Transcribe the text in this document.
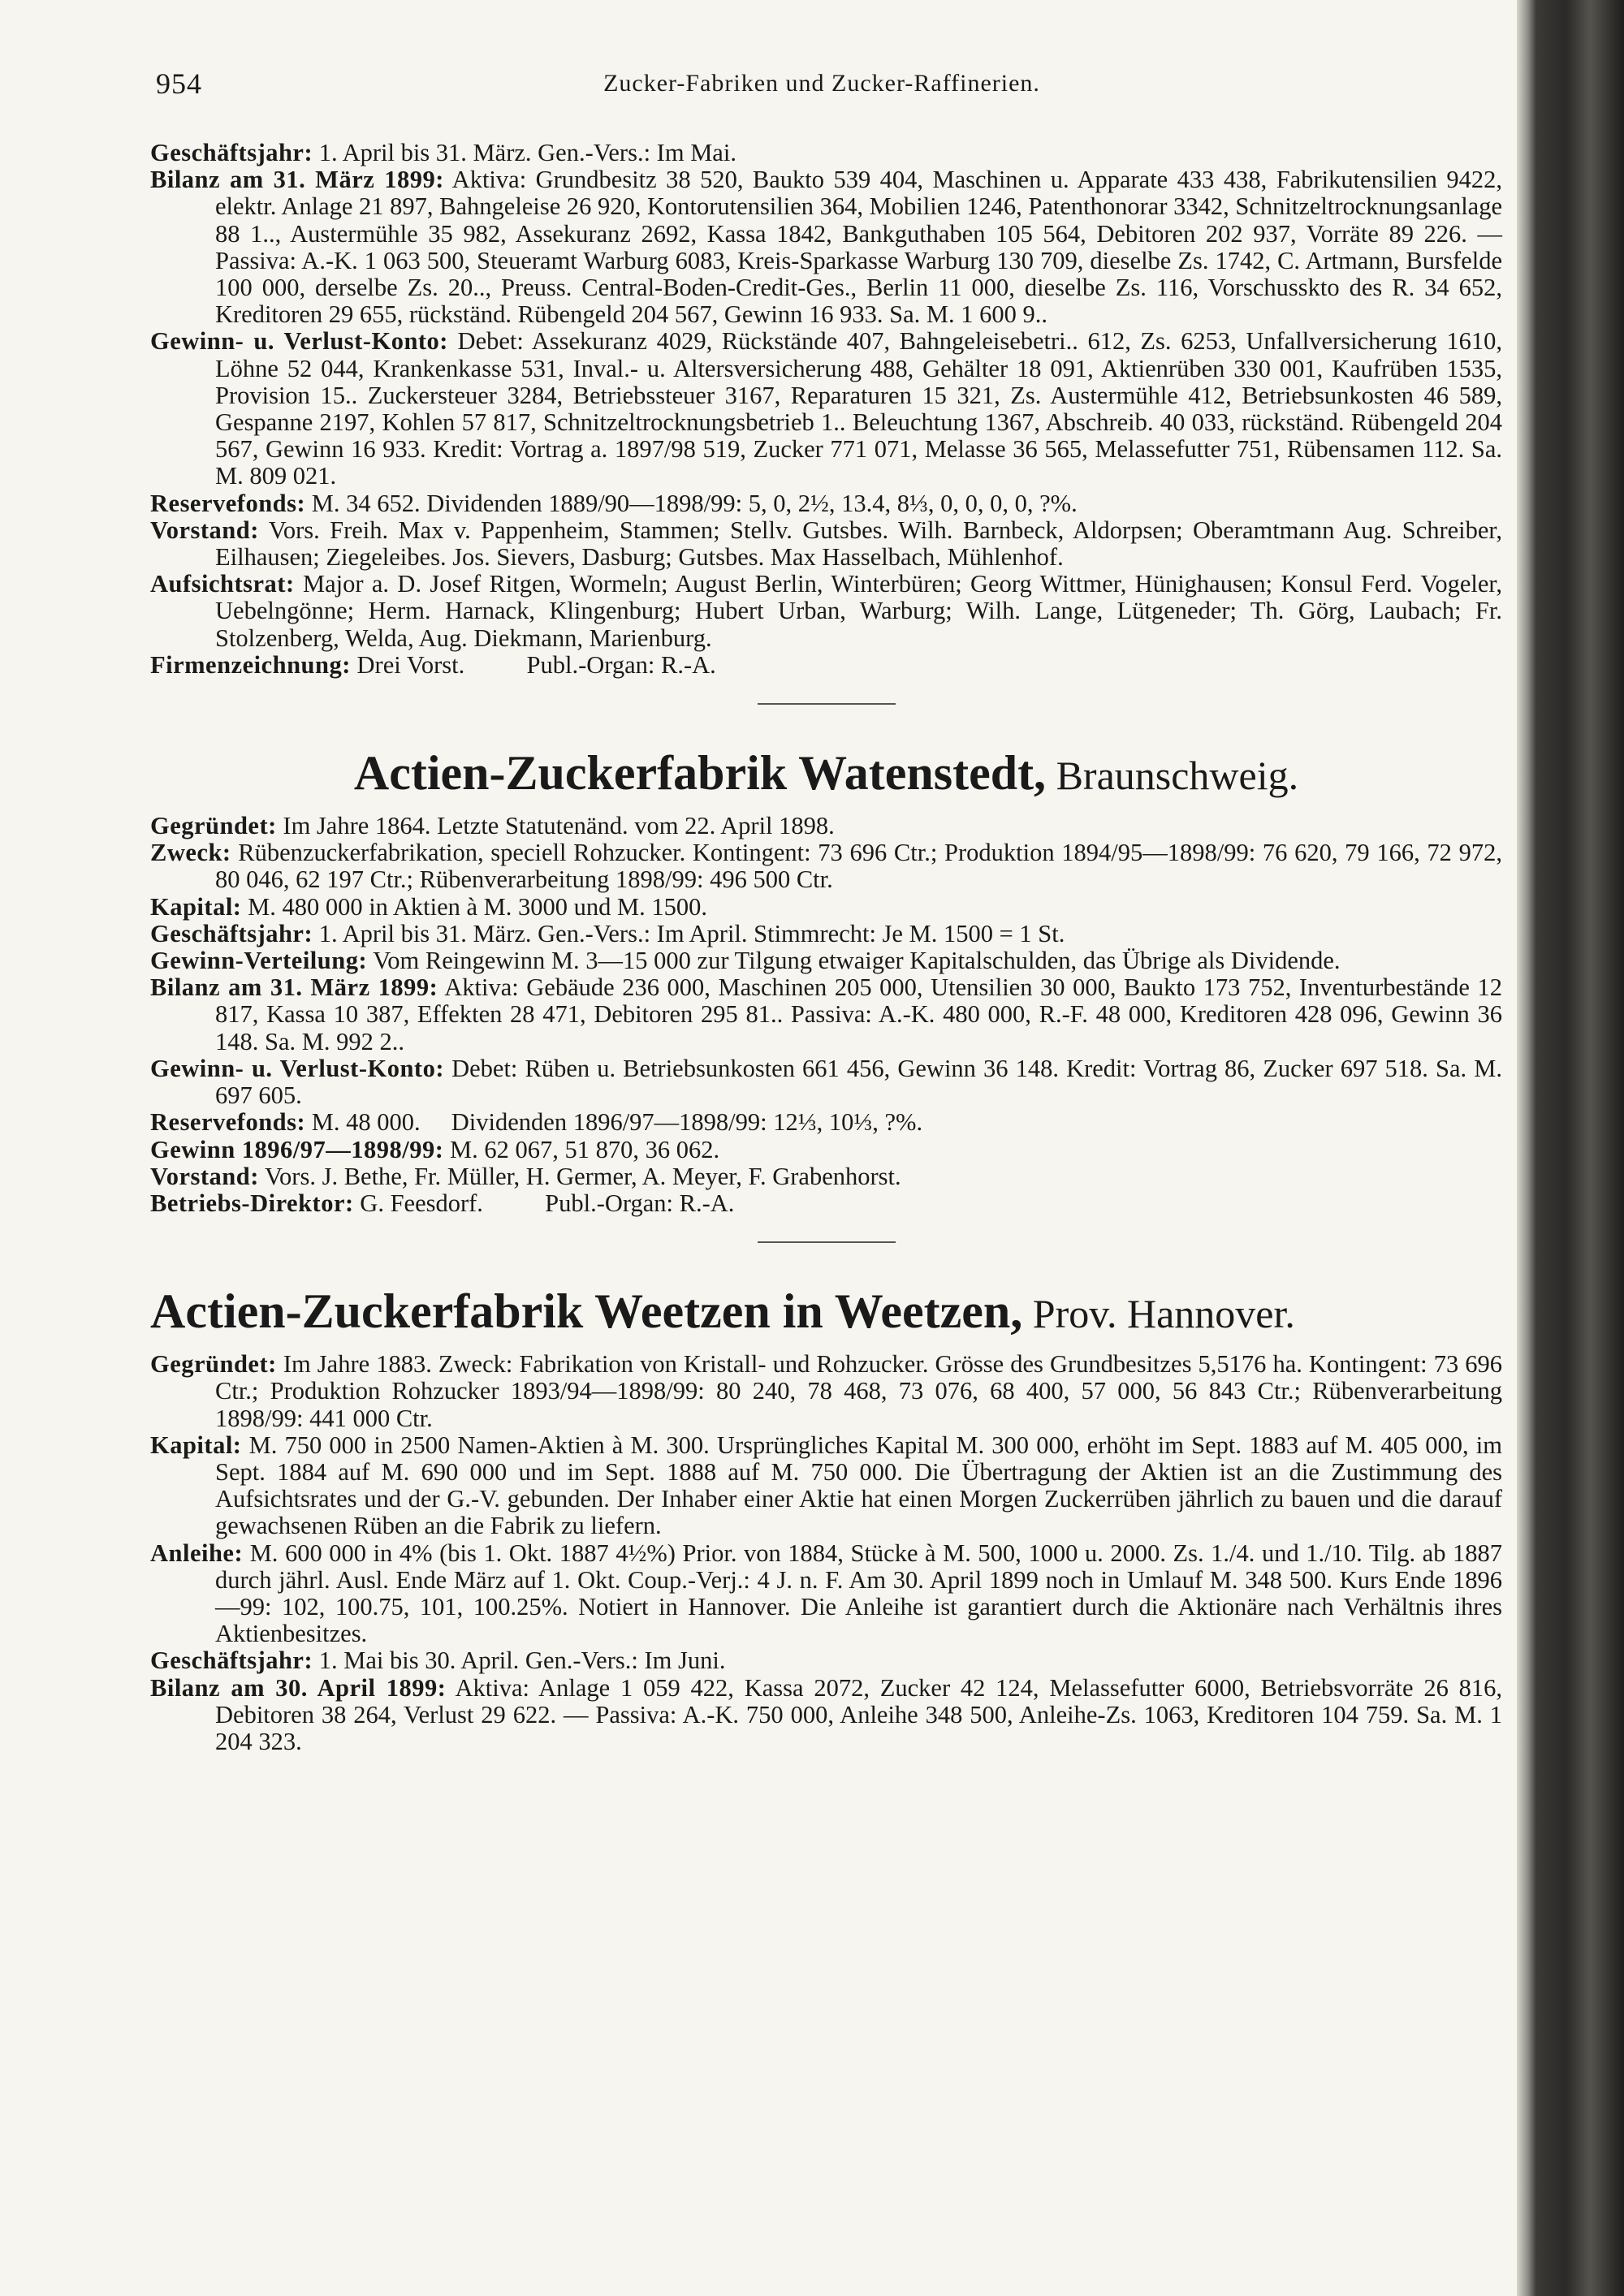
954	Zucker-Fabriken und Zucker-Raffinerien.

Geschäftsjahr: 1. April bis 31. März. Gen.-Vers.: Im Mai.

Bilanz am 31. März 1899: Aktiva: Grundbesitz 38 520, Baukto 539 404, Maschinen u. Apparate 433 438, Fabrikutensilien 9422, elektr. Anlage 21 897, Bahngeleise 26 920, Kontorutensilien 364, Mobilien 1246, Patenthonorar 3342, Schnitzeltrocknungsanlage 88 1.., Austermühle 35 982, Assekuranz 2692, Kassa 1842, Bankguthaben 105 564, Debitoren 202 937, Vorräte 89 226. — Passiva: A.-K. 1 063 500, Steueramt Warburg 6083, Kreis-Sparkasse Warburg 130 709, dieselbe Zs. 1742, C. Artmann, Bursfelde 100 000, derselbe Zs. 20.., Preuss. Central-Boden-Credit-Ges., Berlin 11 000, dieselbe Zs. 116, Vorschusskto des R. 34 652, Kreditoren 29 655, rückständ. Rübengeld 204 567, Gewinn 16 933. Sa. M. 1 600 9..

Gewinn- u. Verlust-Konto: Debet: Assekuranz 4029, Rückstände 407, Bahngeleisebetri.. 612, Zs. 6253, Unfallversicherung 1610, Löhne 52 044, Krankenkasse 531, Inval.- u. Altersversicherung 488, Gehälter 18 091, Aktienrüben 330 001, Kaufrüben 1535, Provision 15.. Zuckersteuer 3284, Betriebssteuer 3167, Reparaturen 15 321, Zs. Austermühle 412, Betriebsunkosten 46 589, Gespanne 2197, Kohlen 57 817, Schnitzeltrocknungsbetrieb 1.. Beleuchtung 1367, Abschreib. 40 033, rückständ. Rübengeld 204 567, Gewinn 16 933. Kredit: Vortrag a. 1897/98 519, Zucker 771 071, Melasse 36 565, Melassefutter 751, Rübensamen 112. Sa. M. 809 021.

Reservefonds: M. 34 652. Dividenden 1889/90—1898/99: 5, 0, 2½, 13.4, 8⅓, 0, 0, 0, 0, ?%.

Vorstand: Vors. Freih. Max v. Pappenheim, Stammen; Stellv. Gutsbes. Wilh. Barnbeck, Aldorpsen; Oberamtmann Aug. Schreiber, Eilhausen; Ziegeleibes. Jos. Sievers, Dasburg; Gutsbes. Max Hasselbach, Mühlenhof.

Aufsichtsrat: Major a. D. Josef Ritgen, Wormeln; August Berlin, Winterbüren; Georg Wittmer, Hünighausen; Konsul Ferd. Vogeler, Uebelngönne; Herm. Harnack, Klingenburg; Hubert Urban, Warburg; Wilh. Lange, Lütgeneder; Th. Görg, Laubach; Fr. Stolzenberg, Welda, Aug. Diekmann, Marienburg.

Firmenzeichnung: Drei Vorst.          Publ.-Organ: R.-A.

Actien-Zuckerfabrik Watenstedt, Braunschweig.

Gegründet: Im Jahre 1864. Letzte Statutenänd. vom 22. April 1898.

Zweck: Rübenzuckerfabrikation, speciell Rohzucker. Kontingent: 73 696 Ctr.; Produktion 1894/95—1898/99: 76 620, 79 166, 72 972, 80 046, 62 197 Ctr.; Rübenverarbeitung 1898/99: 496 500 Ctr.

Kapital: M. 480 000 in Aktien à M. 3000 und M. 1500.

Geschäftsjahr: 1. April bis 31. März. Gen.-Vers.: Im April. Stimmrecht: Je M. 1500 = 1 St.

Gewinn-Verteilung: Vom Reingewinn M. 3—15 000 zur Tilgung etwaiger Kapitalschulden, das Übrige als Dividende.

Bilanz am 31. März 1899: Aktiva: Gebäude 236 000, Maschinen 205 000, Utensilien 30 000, Baukto 173 752, Inventurbestände 12 817, Kassa 10 387, Effekten 28 471, Debitoren 295 81.. Passiva: A.-K. 480 000, R.-F. 48 000, Kreditoren 428 096, Gewinn 36 148. Sa. M. 992 2..

Gewinn- u. Verlust-Konto: Debet: Rüben u. Betriebsunkosten 661 456, Gewinn 36 148. Kredit: Vortrag 86, Zucker 697 518. Sa. M. 697 605.

Reservefonds: M. 48 000.     Dividenden 1896/97—1898/99: 12⅓, 10⅓, ?%.

Gewinn 1896/97—1898/99: M. 62 067, 51 870, 36 062.

Vorstand: Vors. J. Bethe, Fr. Müller, H. Germer, A. Meyer, F. Grabenhorst.

Betriebs-Direktor: G. Feesdorf.          Publ.-Organ: R.-A.

Actien-Zuckerfabrik Weetzen in Weetzen, Prov. Hannover.

Gegründet: Im Jahre 1883. Zweck: Fabrikation von Kristall- und Rohzucker. Grösse des Grundbesitzes 5,5176 ha. Kontingent: 73 696 Ctr.; Produktion Rohzucker 1893/94—1898/99: 80 240, 78 468, 73 076, 68 400, 57 000, 56 843 Ctr.; Rübenverarbeitung 1898/99: 441 000 Ctr.

Kapital: M. 750 000 in 2500 Namen-Aktien à M. 300. Ursprüngliches Kapital M. 300 000, erhöht im Sept. 1883 auf M. 405 000, im Sept. 1884 auf M. 690 000 und im Sept. 1888 auf M. 750 000. Die Übertragung der Aktien ist an die Zustimmung des Aufsichtsrates und der G.-V. gebunden. Der Inhaber einer Aktie hat einen Morgen Zuckerrüben jährlich zu bauen und die darauf gewachsenen Rüben an die Fabrik zu liefern.

Anleihe: M. 600 000 in 4% (bis 1. Okt. 1887 4½%) Prior. von 1884, Stücke à M. 500, 1000 u. 2000. Zs. 1./4. und 1./10. Tilg. ab 1887 durch jährl. Ausl. Ende März auf 1. Okt. Coup.-Verj.: 4 J. n. F. Am 30. April 1899 noch in Umlauf M. 348 500. Kurs Ende 1896—99: 102, 100.75, 101, 100.25%. Notiert in Hannover. Die Anleihe ist garantiert durch die Aktionäre nach Verhältnis ihres Aktienbesitzes.

Geschäftsjahr: 1. Mai bis 30. April. Gen.-Vers.: Im Juni.

Bilanz am 30. April 1899: Aktiva: Anlage 1 059 422, Kassa 2072, Zucker 42 124, Melassefutter 6000, Betriebsvorräte 26 816, Debitoren 38 264, Verlust 29 622. — Passiva: A.-K. 750 000, Anleihe 348 500, Anleihe-Zs. 1063, Kreditoren 104 759. Sa. M. 1 204 323.
